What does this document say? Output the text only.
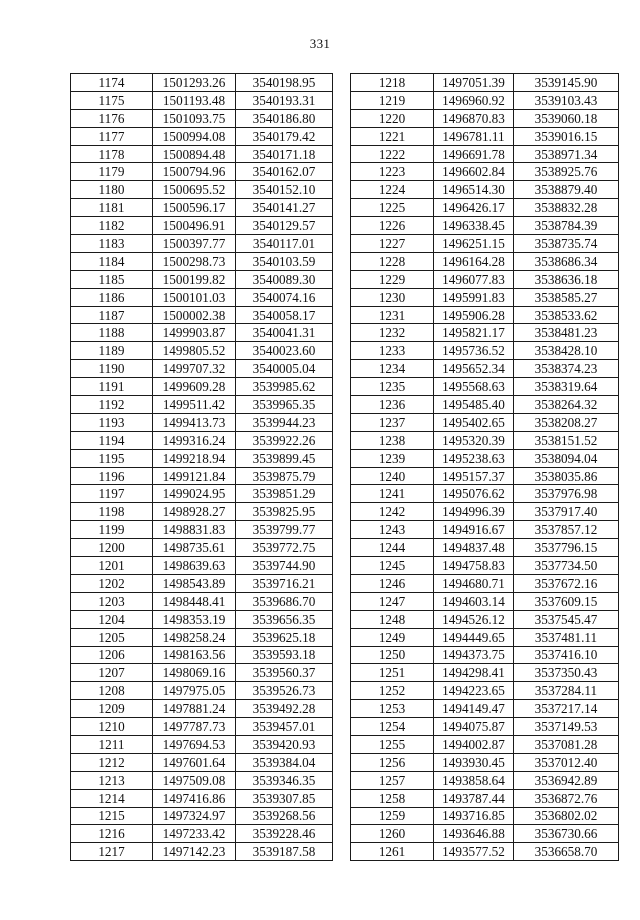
331
1174	1501293.26	3540198.95
1175	1501193.48	3540193.31
1176	1501093.75	3540186.80
1177	1500994.08	3540179.42
1178	1500894.48	3540171.18
1179	1500794.96	3540162.07
1180	1500695.52	3540152.10
1181	1500596.17	3540141.27
1182	1500496.91	3540129.57
1183	1500397.77	3540117.01
1184	1500298.73	3540103.59
1185	1500199.82	3540089.30
1186	1500101.03	3540074.16
1187	1500002.38	3540058.17
1188	1499903.87	3540041.31
1189	1499805.52	3540023.60
1190	1499707.32	3540005.04
1191	1499609.28	3539985.62
1192	1499511.42	3539965.35
1193	1499413.73	3539944.23
1194	1499316.24	3539922.26
1195	1499218.94	3539899.45
1196	1499121.84	3539875.79
1197	1499024.95	3539851.29
1198	1498928.27	3539825.95
1199	1498831.83	3539799.77
1200	1498735.61	3539772.75
1201	1498639.63	3539744.90
1202	1498543.89	3539716.21
1203	1498448.41	3539686.70
1204	1498353.19	3539656.35
1205	1498258.24	3539625.18
1206	1498163.56	3539593.18
1207	1498069.16	3539560.37
1208	1497975.05	3539526.73
1209	1497881.24	3539492.28
1210	1497787.73	3539457.01
1211	1497694.53	3539420.93
1212	1497601.64	3539384.04
1213	1497509.08	3539346.35
1214	1497416.86	3539307.85
1215	1497324.97	3539268.56
1216	1497233.42	3539228.46
1217	1497142.23	3539187.58
1218	1497051.39	3539145.90
1219	1496960.92	3539103.43
1220	1496870.83	3539060.18
1221	1496781.11	3539016.15
1222	1496691.78	3538971.34
1223	1496602.84	3538925.76
1224	1496514.30	3538879.40
1225	1496426.17	3538832.28
1226	1496338.45	3538784.39
1227	1496251.15	3538735.74
1228	1496164.28	3538686.34
1229	1496077.83	3538636.18
1230	1495991.83	3538585.27
1231	1495906.28	3538533.62
1232	1495821.17	3538481.23
1233	1495736.52	3538428.10
1234	1495652.34	3538374.23
1235	1495568.63	3538319.64
1236	1495485.40	3538264.32
1237	1495402.65	3538208.27
1238	1495320.39	3538151.52
1239	1495238.63	3538094.04
1240	1495157.37	3538035.86
1241	1495076.62	3537976.98
1242	1494996.39	3537917.40
1243	1494916.67	3537857.12
1244	1494837.48	3537796.15
1245	1494758.83	3537734.50
1246	1494680.71	3537672.16
1247	1494603.14	3537609.15
1248	1494526.12	3537545.47
1249	1494449.65	3537481.11
1250	1494373.75	3537416.10
1251	1494298.41	3537350.43
1252	1494223.65	3537284.11
1253	1494149.47	3537217.14
1254	1494075.87	3537149.53
1255	1494002.87	3537081.28
1256	1493930.45	3537012.40
1257	1493858.64	3536942.89
1258	1493787.44	3536872.76
1259	1493716.85	3536802.02
1260	1493646.88	3536730.66
1261	1493577.52	3536658.70
